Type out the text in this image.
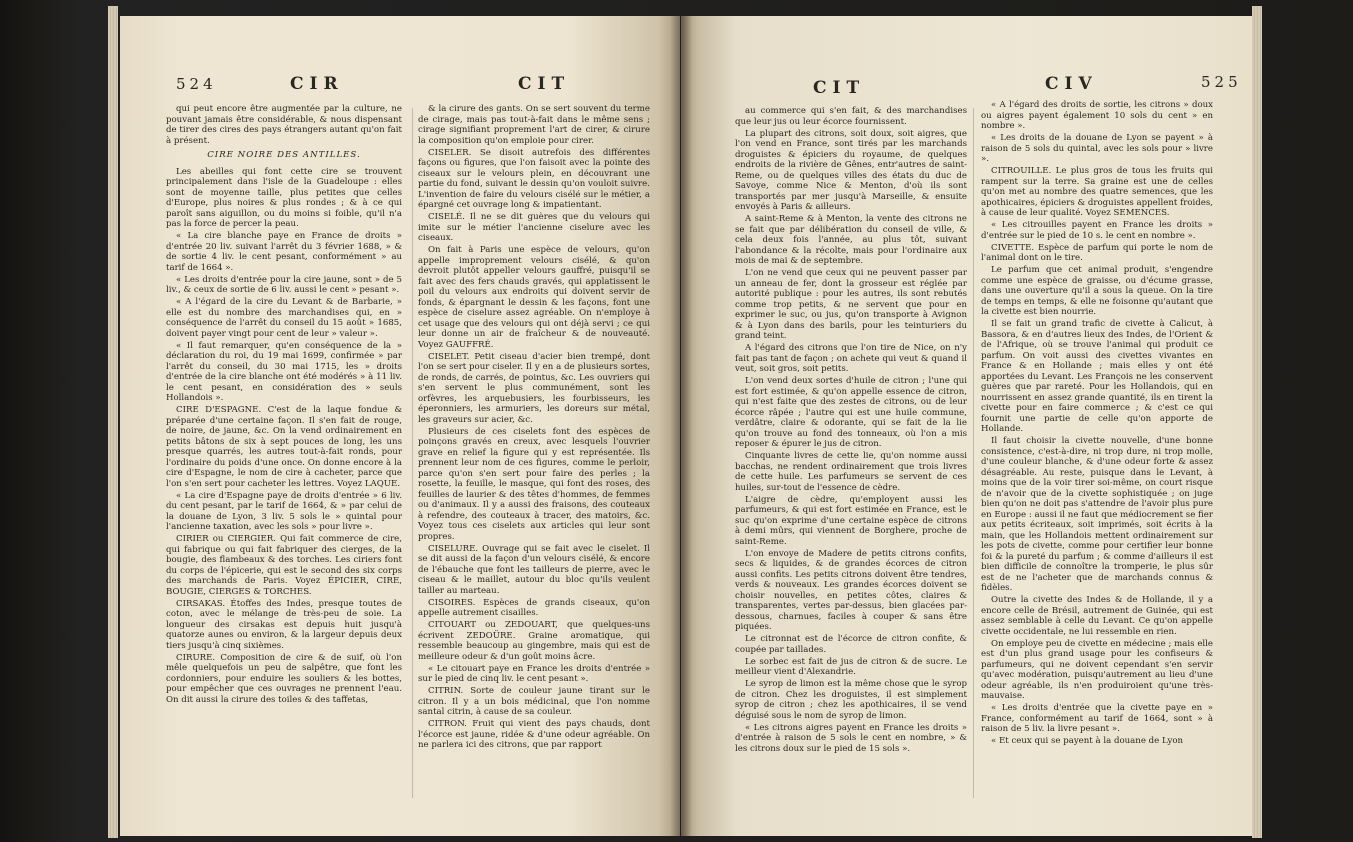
524	CIR	CIT

qui peut encore être augmentée par la culture, ne pouvant jamais être considérable, & nous dispensant de tirer des cires des pays étrangers autant qu'on fait à présent.

CIRE NOIRE DES ANTILLES.

Les abeilles qui font cette cire se trouvent principalement dans l'isle de la Guadeloupe : elles sont de moyenne taille, plus petites que celles d'Europe, plus noires & plus rondes ; & à ce qui paroît sans aiguillon, ou du moins si foible, qu'il n'a pas la force de percer la peau.

« La cire blanche paye en France de droits » d'entrée 20 liv. suivant l'arrêt du 3 février 1688, » & de sortie 4 liv. le cent pesant, conformément » au tarif de 1664 ».

« Les droits d'entrée pour la cire jaune, sont » de 5 liv., & ceux de sortie de 6 liv. aussi le cent » pesant ».

« A l'égard de la cire du Levant & de Barbarie, » elle est du nombre des marchandises qui, en » conséquence de l'arrêt du conseil du 15 août » 1685, doivent payer vingt pour cent de leur » valeur ».

« Il faut remarquer, qu'en conséquence de la » déclaration du roi, du 19 mai 1699, confirmée » par l'arrêt du conseil, du 30 mai 1715, les » droits d'entrée de la cire blanche ont été modérés » à 11 liv. le cent pesant, en considération des » seuls Hollandois ».

CIRE D'ESPAGNE. C'est de la laque fondue & préparée d'une certaine façon. Il s'en fait de rouge, de noire, de jaune, &c. On la vend ordinairement en petits bâtons de six à sept pouces de long, les uns presque quarrés, les autres tout-à-fait ronds, pour l'ordinaire du poids d'une once. On donne encore à la cire d'Espagne, le nom de cire à cacheter, parce que l'on s'en sert pour cacheter les lettres. Voyez LAQUE.

« La cire d'Espagne paye de droits d'entrée » 6 liv. du cent pesant, par le tarif de 1664, & » par celui de la douane de Lyon, 3 liv. 5 sols le » quintal pour l'ancienne taxation, avec les sols » pour livre ».

CIRIER ou CIERGIER. Qui fait commerce de cire, qui fabrique ou qui fait fabriquer des cierges, de la bougie, des flambeaux & des torches. Les ciriers font du corps de l'épicerie, qui est le second des six corps des marchands de Paris. Voyez ÉPICIER, CIRE, BOUGIE, CIERGES & TORCHES.

CIRSAKAS. Étoffes des Indes, presque toutes de coton, avec le mélange de très-peu de soie. La longueur des cirsakas est depuis huit jusqu'à quatorze aunes ou environ, & la largeur depuis deux tiers jusqu'à cinq sixièmes.

CIRURE. Composition de cire & de suif, où l'on mêle quelquefois un peu de salpêtre, que font les cordonniers, pour enduire les souliers & les bottes, pour empêcher que ces ouvrages ne prennent l'eau. On dit aussi la cirure des toiles & des taffetas,

& la cirure des gants. On se sert souvent du terme de cirage, mais pas tout-à-fait dans le même sens ; cirage signifiant proprement l'art de cirer, & cirure la composition qu'on emploie pour cirer.

CISELER. Se disoit autrefois des différentes façons ou figures, que l'on faisoit avec la pointe des ciseaux sur le velours plein, en découvrant une partie du fond, suivant le dessin qu'on vouloit suivre. L'invention de faire du velours cisélé sur le métier, a épargné cet ouvrage long & impatientant.

CISELÉ. Il ne se dit guères que du velours qui imite sur le métier l'ancienne ciselure avec les ciseaux.

On fait à Paris une espèce de velours, qu'on appelle improprement velours cisélé, & qu'on devroit plutôt appeller velours gauffré, puisqu'il se fait avec des fers chauds gravés, qui applatissent le poil du velours aux endroits qui doivent servir de fonds, & épargnant le dessin & les façons, font une espèce de ciselure assez agréable. On n'employe à cet usage que des velours qui ont déjà servi ; ce qui leur donne un air de fraîcheur & de nouveauté. Voyez GAUFFRÉ.

CISELET. Petit ciseau d'acier bien trempé, dont l'on se sert pour ciseler. Il y en a de plusieurs sortes, de ronds, de carrés, de pointus, &c. Les ouvriers qui s'en servent le plus communément, sont les orfèvres, les arquebusiers, les fourbisseurs, les éperonniers, les armuriers, les doreurs sur métal, les graveurs sur acier, &c.

Plusieurs de ces ciselets font des espèces de poinçons gravés en creux, avec lesquels l'ouvrier grave en relief la figure qui y est représentée. Ils prennent leur nom de ces figures, comme le perloir, parce qu'on s'en sert pour faire des perles ; la rosette, la feuille, le masque, qui font des roses, des feuilles de laurier & des têtes d'hommes, de femmes ou d'animaux. Il y a aussi des fraisons, des couteaux à refendre, des couteaux à tracer, des matoirs, &c. Voyez tous ces ciselets aux articles qui leur sont propres.

CISELURE. Ouvrage qui se fait avec le ciselet. Il se dit aussi de la façon d'un velours cisélé, & encore de l'ébauche que font les tailleurs de pierre, avec le ciseau & le maillet, autour du bloc qu'ils veulent tailler au marteau.

CISOIRES. Espèces de grands ciseaux, qu'on appelle autrement cisailles.

CITOUART ou ZEDOUART, que quelques-uns écrivent ZEDOÜRE. Graine aromatique, qui ressemble beaucoup au gingembre, mais qui est de meilleure odeur & d'un goût moins âcre.

« Le citouart paye en France les droits d'entrée » sur le pied de cinq liv. le cent pesant ».

CITRIN. Sorte de couleur jaune tirant sur le citron. Il y a un bois médicinal, que l'on nomme santal citrin, à cause de sa couleur.

CITRON. Fruit qui vient des pays chauds, dont l'écorce est jaune, ridée & d'une odeur agréable. On ne parlera ici des citrons, que par rapport

CIT	CIV	525

au commerce qui s'en fait, & des marchandises que leur jus ou leur écorce fournissent.

La plupart des citrons, soit doux, soit aigres, que l'on vend en France, sont tirés par les marchands droguistes & épiciers du royaume, de quelques endroits de la rivière de Gênes, entr'autres de saint-Reme, ou de quelques villes des états du duc de Savoye, comme Nice & Menton, d'où ils sont transportés par mer jusqu'à Marseille, & ensuite envoyés à Paris & ailleurs.

A saint-Reme & à Menton, la vente des citrons ne se fait que par délibération du conseil de ville, & cela deux fois l'année, au plus tôt, suivant l'abondance & la récolte, mais pour l'ordinaire aux mois de mai & de septembre.

L'on ne vend que ceux qui ne peuvent passer par un anneau de fer, dont la grosseur est réglée par autorité publique : pour les autres, ils sont rebutés comme trop petits, & ne servent que pour en exprimer le suc, ou jus, qu'on transporte à Avignon & à Lyon dans des barils, pour les teinturiers du grand teint.

A l'égard des citrons que l'on tire de Nice, on n'y fait pas tant de façon ; on achete qui veut & quand il veut, soit gros, soit petits.

L'on vend deux sortes d'huile de citron ; l'une qui est fort estimée, & qu'on appelle essence de citron, qui n'est faite que des zestes de citrons, ou de leur écorce râpée ; l'autre qui est une huile commune, verdâtre, claire & odorante, qui se fait de la lie qu'on trouve au fond des tonneaux, où l'on a mis reposer & épurer le jus de citron.

Cinquante livres de cette lie, qu'on nomme aussi bacchas, ne rendent ordinairement que trois livres de cette huile. Les parfumeurs se servent de ces huiles, sur-tout de l'essence de cèdre.

L'aigre de cèdre, qu'employent aussi les parfumeurs, & qui est fort estimée en France, est le suc qu'on exprime d'une certaine espèce de citrons à demi mûrs, qui viennent de Borghere, proche de saint-Reme.

L'on envoye de Madere de petits citrons confits, secs & liquides, & de grandes écorces de citron aussi confits. Les petits citrons doivent être tendres, verds & nouveaux. Les grandes écorces doivent se choisir nouvelles, en petites côtes, claires & transparentes, vertes par-dessus, bien glacées par-dessous, charnues, faciles à couper & sans être piquées.

Le citronnat est de l'écorce de citron confite, & coupée par taillades.

Le sorbec est fait de jus de citron & de sucre. Le meilleur vient d'Alexandrie.

Le syrop de limon est la même chose que le syrop de citron. Chez les droguistes, il est simplement syrop de citron ; chez les apothicaires, il se vend déguisé sous le nom de syrop de limon.

« Les citrons aigres payent en France les droits » d'entrée à raison de 5 sols le cent en nombre, » & les citrons doux sur le pied de 15 sols ».

« A l'égard des droits de sortie, les citrons » doux ou aigres payent également 10 sols du cent » en nombre ».

« Les droits de la douane de Lyon se payent » à raison de 5 sols du quintal, avec les sols pour » livre ».

CITROUILLE. Le plus gros de tous les fruits qui rampent sur la terre. Sa graine est une de celles qu'on met au nombre des quatre semences, que les apothicaires, épiciers & droguistes appellent froides, à cause de leur qualité. Voyez SEMENCES.

« Les citrouilles payent en France les droits » d'entrée sur le pied de 10 s. le cent en nombre ».

CIVETTE. Espèce de parfum qui porte le nom de l'animal dont on le tire.

Le parfum que cet animal produit, s'engendre comme une espèce de graisse, ou d'écume grasse, dans une ouverture qu'il a sous la queue. On la tire de temps en temps, & elle ne foisonne qu'autant que la civette est bien nourrie.

Il se fait un grand trafic de civette à Calicut, à Bassora, & en d'autres lieux des Indes, de l'Orient & de l'Afrique, où se trouve l'animal qui produit ce parfum. On voit aussi des civettes vivantes en France & en Hollande ; mais elles y ont été apportées du Levant. Les François ne les conservent guères que par rareté. Pour les Hollandois, qui en nourrissent en assez grande quantité, ils en tirent la civette pour en faire commerce ; & c'est ce qui fournit une partie de celle qu'on apporte de Hollande.

Il faut choisir la civette nouvelle, d'une bonne consistence, c'est-à-dire, ni trop dure, ni trop molle, d'une couleur blanche, & d'une odeur forte & assez désagréable. Au reste, puisque dans le Levant, à moins que de la voir tirer soi-même, on court risque de n'avoir que de la civette sophistiquée ; on juge bien qu'on ne doit pas s'attendre de l'avoir plus pure en Europe : aussi il ne faut que médiocrement se fier aux petits écriteaux, soit imprimés, soit écrits à la main, que les Hollandois mettent ordinairement sur les pots de civette, comme pour certifier leur bonne foi & la pureté du parfum ; & comme d'ailleurs il est bien difficile de connoître la tromperie, le plus sûr est de ne l'acheter que de marchands connus & fidèles.

Outre la civette des Indes & de Hollande, il y a encore celle de Brésil, autrement de Guinée, qui est assez semblable à celle du Levant. Ce qu'on appelle civette occidentale, ne lui ressemble en rien.

On employe peu de civette en médecine ; mais elle est d'un plus grand usage pour les confiseurs & parfumeurs, qui ne doivent cependant s'en servir qu'avec modération, puisqu'autrement au lieu d'une odeur agréable, ils n'en produiroient qu'une très-mauvaise.

« Les droits d'entrée que la civette paye en » France, conformément au tarif de 1664, sont » à raison de 5 liv. la livre pesant ».

« Et ceux qui se payent à la douane de Lyon
